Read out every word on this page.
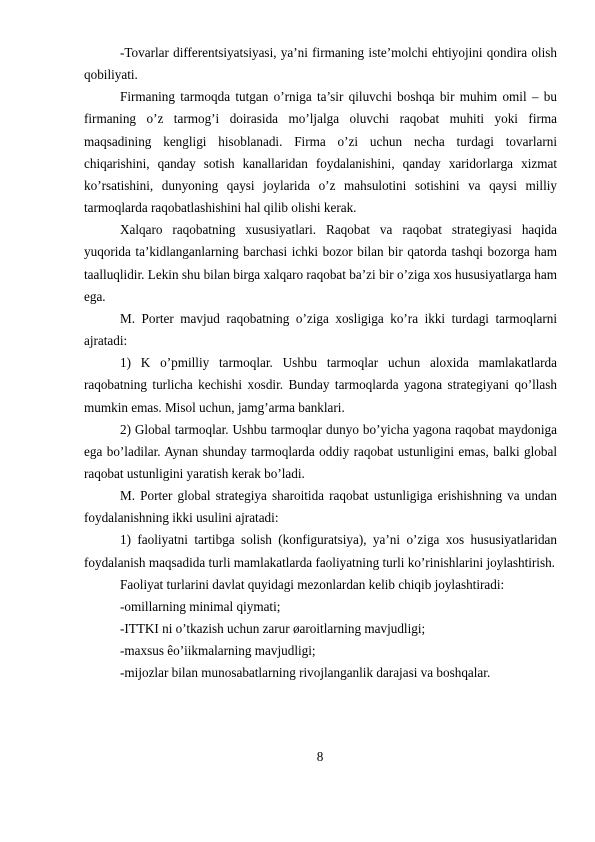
-Tovarlar differentsiyatsiyasi, ya’ni firmaning iste’molchi ehtiyojini qondira olish qobiliyati.

Firmaning tarmoqda tutgan o’rniga ta’sir qiluvchi boshqa bir muhim omil – bu firmaning o’z tarmog’i doirasida mo’ljalga oluvchi raqobat muhiti yoki firma maqsadining kengligi hisoblanadi. Firma o’zi uchun necha turdagi tovarlarni chiqarishini, qanday sotish kanallaridan foydalanishini, qanday xaridorlarga xizmat ko’rsatishini, dunyoning qaysi joylarida o’z mahsulotini sotishini va qaysi milliy tarmoqlarda raqobatlashishini hal qilib olishi kerak.

Xalqaro raqobatning xususiyatlari. Raqobat va raqobat strategiyasi haqida yuqorida ta’kidlanganlarning barchasi ichki bozor bilan bir qatorda tashqi bozorga ham taalluqlidir. Lekin shu bilan birga xalqaro raqobat ba’zi bir o’ziga xos hususiyatlarga ham ega.

M. Porter mavjud raqobatning o’ziga xosligiga ko’ra ikki turdagi tarmoqlarni ajratadi:

1) K o’pmilliy tarmoqlar. Ushbu tarmoqlar uchun aloxida mamlakatlarda raqobatning turlicha kechishi xosdir. Bunday tarmoqlarda yagona strategiyani qo’llash mumkin emas. Misol uchun, jamg’arma banklari.

2) Global tarmoqlar. Ushbu tarmoqlar dunyo bo’yicha yagona raqobat maydoniga ega bo’ladilar. Aynan shunday tarmoqlarda oddiy raqobat ustunligini emas, balki global raqobat ustunligini yaratish kerak bo’ladi.

M. Porter global strategiya sharoitida raqobat ustunligiga erishishning va undan foydalanishning ikki usulini ajratadi:

1) faoliyatni tartibga solish (konfiguratsiya), ya’ni o’ziga xos hususiyatlaridan foydalanish maqsadida turli mamlakatlarda faoliyatning turli ko’rinishlarini joylashtirish.

Faoliyat turlarini davlat quyidagi mezonlardan kelib chiqib joylashtiradi:

-omillarning minimal qiymati;

-ITTKI ni o’tkazish uchun zarur øaroitlarning mavjudligi;

-maxsus êo’iikmalarning mavjudligi;

-mijozlar bilan munosabatlarning rivojlanganlik darajasi va boshqalar.

8
